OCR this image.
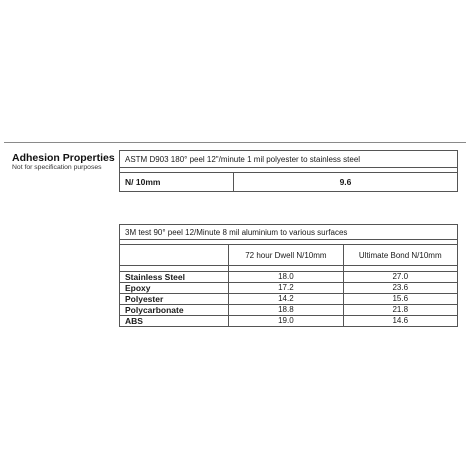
Adhesion Properties
Not for specification purposes
ASTM D903 180° peel 12"/minute 1 mil polyester to stainless steel

N/ 10mm	9.6
3M test 90° peel 12/Minute 8 mil aluminium to various surfaces		

	72 hour Dwell N/10mm	Ultimate Bond N/10mm

Stainless Steel	18.0	27.0
Epoxy	17.2	23.6
Polyester	14.2	15.6
Polycarbonate	18.8	21.8
ABS	19.0	14.6
